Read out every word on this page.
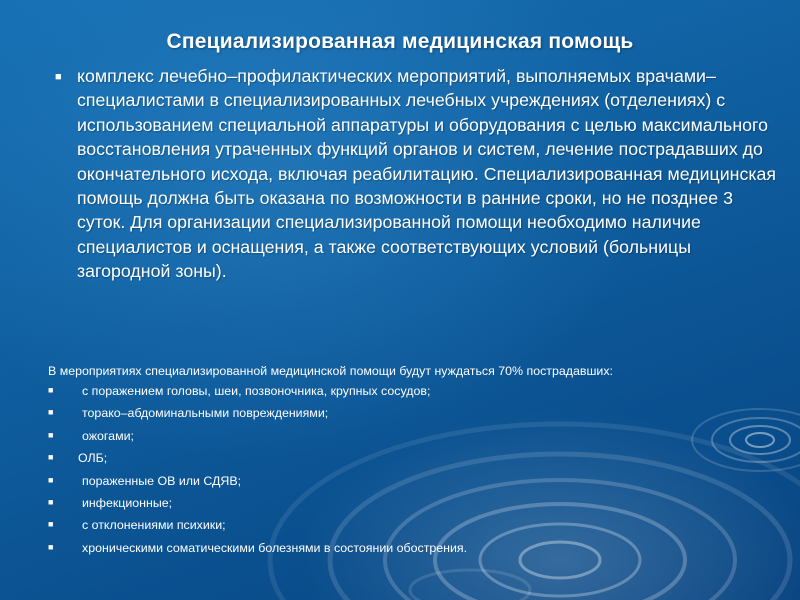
Специализированная медицинская помощь
■ комплекс лечебно–профилактических мероприятий, выполняемых врачами–специалистами в специализированных лечебных учреждениях (отделениях) с использованием специальной аппаратуры и оборудования с целью максимального восстановления утраченных функций органов и систем, лечение пострадавших до окончательного исхода, включая реабилитацию. Специализированная медицинская помощь должна быть оказана по возможности в ранние сроки, но не позднее 3 суток. Для организации специализированной помощи необходимо наличие специалистов и оснащения, а также соответствующих условий (больницы загородной зоны).

В мероприятиях специализированной медицинской помощи будут нуждаться 70% пострадавших:

■	с поражением головы, шеи, позвоночника, крупных сосудов;
■	торако–абдоминальными повреждениями;
■	ожогами;
■	ОЛБ;
■	пораженные ОВ или СДЯВ;
■	инфекционные;
■	с отклонениями психики;
■	хроническими соматическими болезнями в состоянии обострения.
